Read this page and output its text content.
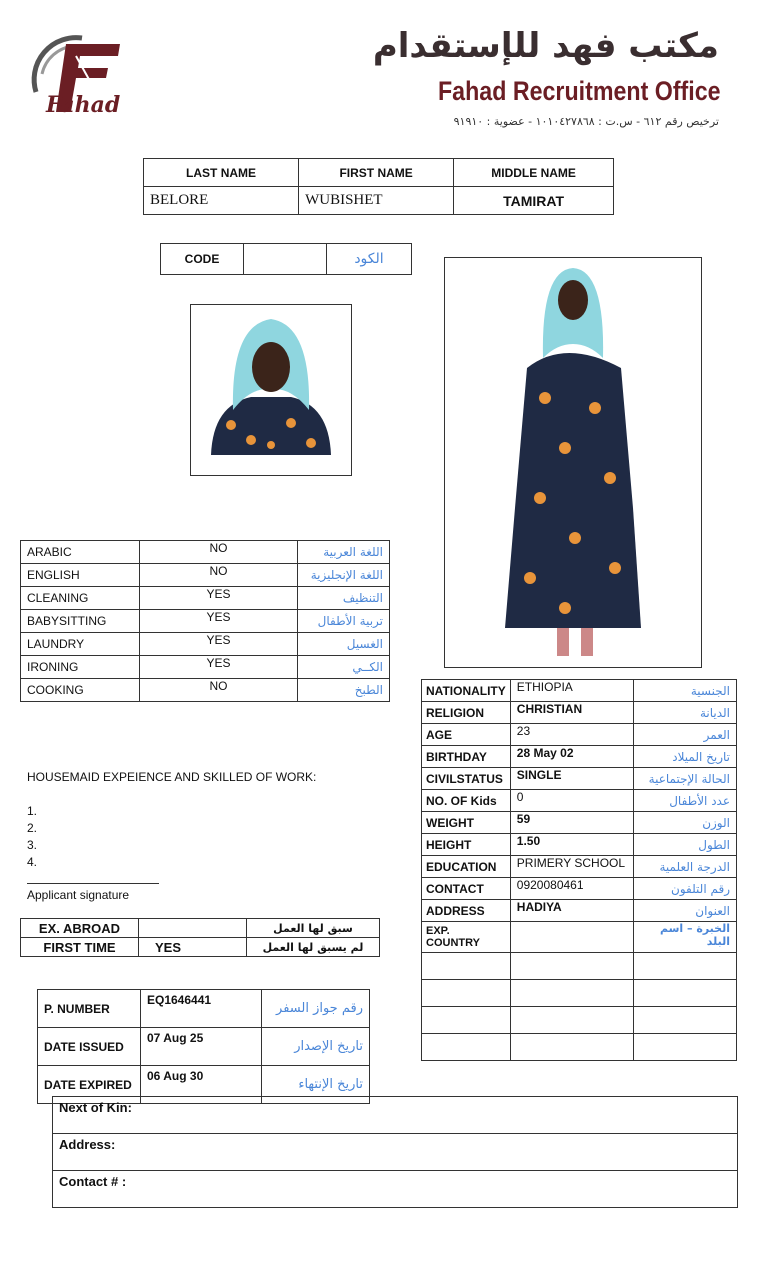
Fahad
مكتب فهد للإستقدام
Fahad Recruitment Office
ترخيص رقم ٦١٢ - س.ت : ١٠١٠٤٢٧٨٦٨ - عضوية : ٩١٩١٠
LAST NAME	FIRST NAME	MIDDLE NAME
BELORE	WUBISHET	TAMIRAT
CODE		الكود
ARABIC	NO	اللغة العربية
ENGLISH	NO	اللغة الإنجليزية
CLEANING	YES	التنظيف
BABYSITTING	YES	تربية الأطفال
LAUNDRY	YES	الغسيل
IRONING	YES	الكــي
COOKING	NO	الطبخ
HOUSEMAID EXPEIENCE AND SKILLED OF WORK:
1.
2.
3.
4.
Applicant signature
EX. ABROAD		سبق لها العمل
FIRST TIME	YES	لم يسبق لها العمل
P. NUMBER	EQ1646441	رقم جواز السفر
DATE ISSUED	07 Aug 25	تاريخ الإصدار
DATE EXPIRED	06 Aug 30	تاريخ الإنتهاء
NATIONALITY	ETHIOPIA	الجنسية
RELIGION	CHRISTIAN	الديانة
AGE	23	العمر
BIRTHDAY	28 May 02	تاريخ الميلاد
CIVILSTATUS	SINGLE	الحالة الإجتماعية
NO. OF Kids	0	عدد الأطفال
WEIGHT	59	الوزن
HEIGHT	1.50	الطول
EDUCATION	PRIMERY SCHOOL	الدرجة العلمية
CONTACT	0920080461	رقم التلفون
ADDRESS	HADIYA	العنوان
EXP. COUNTRY		الخبرة – اسم البلد

Next of Kin:
Address:
Contact # :
